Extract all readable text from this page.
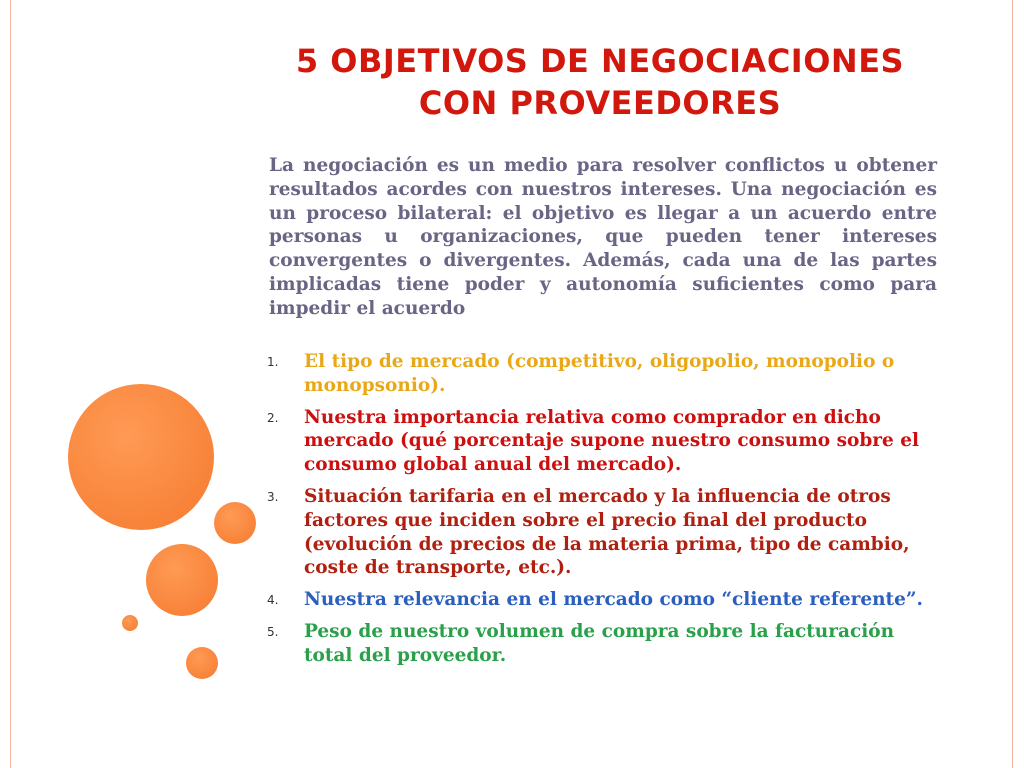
5 OBJETIVOS DE NEGOCIACIONES
CON PROVEEDORES

La negociación es un medio para resolver conflictos u obtener resultados acordes con nuestros intereses. Una negociación es un proceso bilateral: el objetivo es llegar a un acuerdo entre personas u organizaciones, que pueden tener intereses convergentes o divergentes. Además, cada una de las partes implicadas tiene poder y autonomía suficientes como para impedir el acuerdo

1. El tipo de mercado (competitivo, oligopolio, monopolio o monopsonio).
2. Nuestra importancia relativa como comprador en dicho mercado (qué porcentaje supone nuestro consumo sobre el consumo global anual del mercado).
3. Situación tarifaria en el mercado y la influencia de otros factores que inciden sobre el precio final del producto (evolución de precios de la materia prima, tipo de cambio, coste de transporte, etc.).
4. Nuestra relevancia en el mercado como “cliente referente”.
5. Peso de nuestro volumen de compra sobre la facturación total del proveedor.
